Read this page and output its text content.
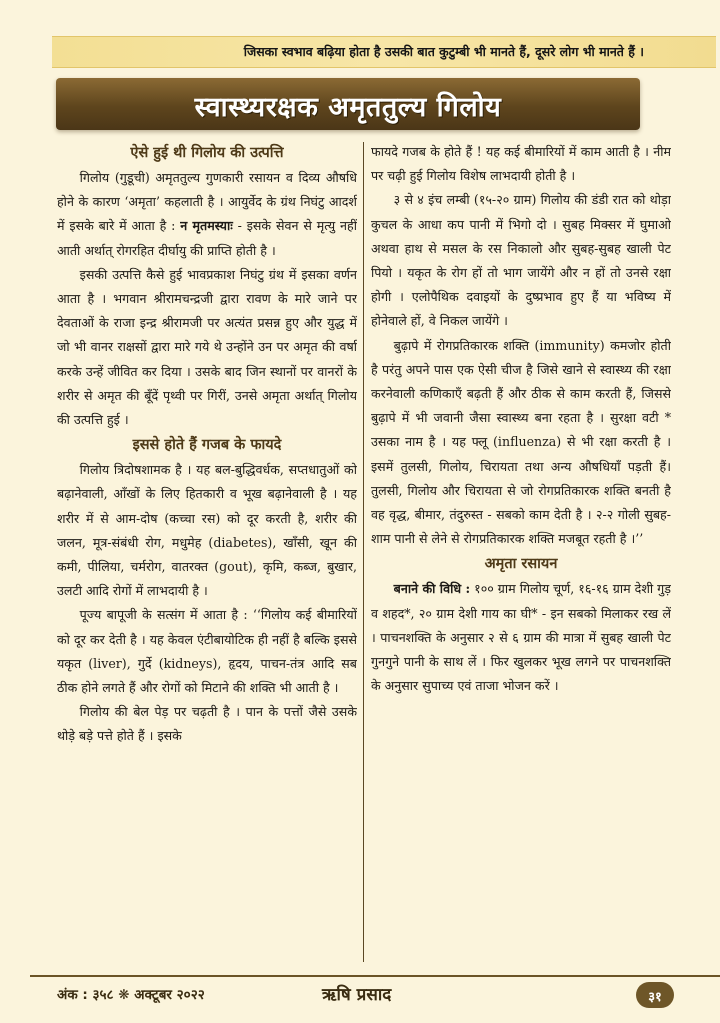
जिसका स्वभाव बढ़िया होता है उसकी बात कुटुम्बी भी मानते हैं, दूसरे लोग भी मानते हैं ।
स्वास्थ्यरक्षक अमृततुल्य गिलोय
ऐसे हुई थी गिलोय की उत्पत्ति

गिलोय (गुडूची) अमृततुल्य गुणकारी रसायन व दिव्य औषधि होने के कारण ‘अमृता’ कहलाती है । आयुर्वेद के ग्रंथ निघंटु आदर्श में इसके बारे में आता है : न मृतमस्याः - इसके सेवन से मृत्यु नहीं आती अर्थात् रोगरहित दीर्घायु की प्राप्ति होती है ।

इसकी उत्पत्ति कैसे हुई भावप्रकाश निघंटु ग्रंथ में इसका वर्णन आता है । भगवान श्रीरामचन्द्रजी द्वारा रावण के मारे जाने पर देवताओं के राजा इन्द्र श्रीरामजी पर अत्यंत प्रसन्न हुए और युद्ध में जो भी वानर राक्षसों द्वारा मारे गये थे उन्होंने उन पर अमृत की वर्षा करके उन्हें जीवित कर दिया । उसके बाद जिन स्थानों पर वानरों के शरीर से अमृत की बूँदें पृथ्वी पर गिरीं, उनसे अमृता अर्थात् गिलोय की उत्पत्ति हुई ।

इससे होते हैं गजब के फायदे

गिलोय त्रिदोषशामक है । यह बल-बुद्धिवर्धक, सप्तधातुओं को बढ़ानेवाली, आँखों के लिए हितकारी व भूख बढ़ानेवाली है । यह शरीर में से आम-दोष (कच्चा रस) को दूर करती है, शरीर की जलन, मूत्र-संबंधी रोग, मधुमेह (diabetes), खाँसी, खून की कमी, पीलिया, चर्मरोग, वातरक्त (gout), कृमि, कब्ज, बुखार, उलटी आदि रोगों में लाभदायी है ।

पूज्य बापूजी के सत्संग में आता है : ‘‘गिलोय कई बीमारियों को दूर कर देती है । यह केवल एंटीबायोटिक ही नहीं है बल्कि इससे यकृत (liver), गुर्दे (kidneys), हृदय, पाचन-तंत्र आदि सब ठीक होने लगते हैं और रोगों को मिटाने की शक्ति भी आती है ।

गिलोय की बेल पेड़ पर चढ़ती है । पान के पत्तों जैसे उसके थोड़े बड़े पत्ते होते हैं । इसके

फायदे गजब के होते हैं ! यह कई बीमारियों में काम आती है । नीम पर चढ़ी हुई गिलोय विशेष लाभदायी होती है ।

३ से ४ इंच लम्बी (१५-२० ग्राम) गिलोय की डंडी रात को थोड़ा कुचल के आधा कप पानी में भिगो दो । सुबह मिक्सर में घुमाओ अथवा हाथ से मसल के रस निकालो और सुबह-सुबह खाली पेट पियो । यकृत के रोग हों तो भाग जायेंगे और न हों तो उनसे रक्षा होगी । एलोपैथिक दवाइयों के दुष्प्रभाव हुए हैं या भविष्य में होनेवाले हों, वे निकल जायेंगे ।

बुढ़ापे में रोगप्रतिकारक शक्ति (immunity) कमजोर होती है परंतु अपने पास एक ऐसी चीज है जिसे खाने से स्वास्थ्य की रक्षा करनेवाली कणिकाएँ बढ़ती हैं और ठीक से काम करती हैं, जिससे बुढ़ापे में भी जवानी जैसा स्वास्थ्य बना रहता है । सुरक्षा वटी * उसका नाम है । यह फ्लू (influenza) से भी रक्षा करती है । इसमें तुलसी, गिलोय, चिरायता तथा अन्य औषधियाँ पड़ती हैं। तुलसी, गिलोय और चिरायता से जो रोगप्रतिकारक शक्ति बनती है वह वृद्ध, बीमार, तंदुरुस्त - सबको काम देती है । २-२ गोली सुबह-शाम पानी से लेने से रोगप्रतिकारक शक्ति मजबूत रहती है ।’’

अमृता रसायन

बनाने की विधि : १०० ग्राम गिलोय चूर्ण, १६-१६ ग्राम देशी गुड़ व शहद*, २० ग्राम देशी गाय का घी* - इन सबको मिलाकर रख लें । पाचनशक्ति के अनुसार २ से ६ ग्राम की मात्रा में सुबह खाली पेट गुनगुने पानी के साथ लें । फिर खुलकर भूख लगने पर पाचनशक्ति के अनुसार सुपाच्य एवं ताजा भोजन करें ।

अंक : ३५८ ❋ अक्टूबर २०२२	ऋषि प्रसाद	३१
